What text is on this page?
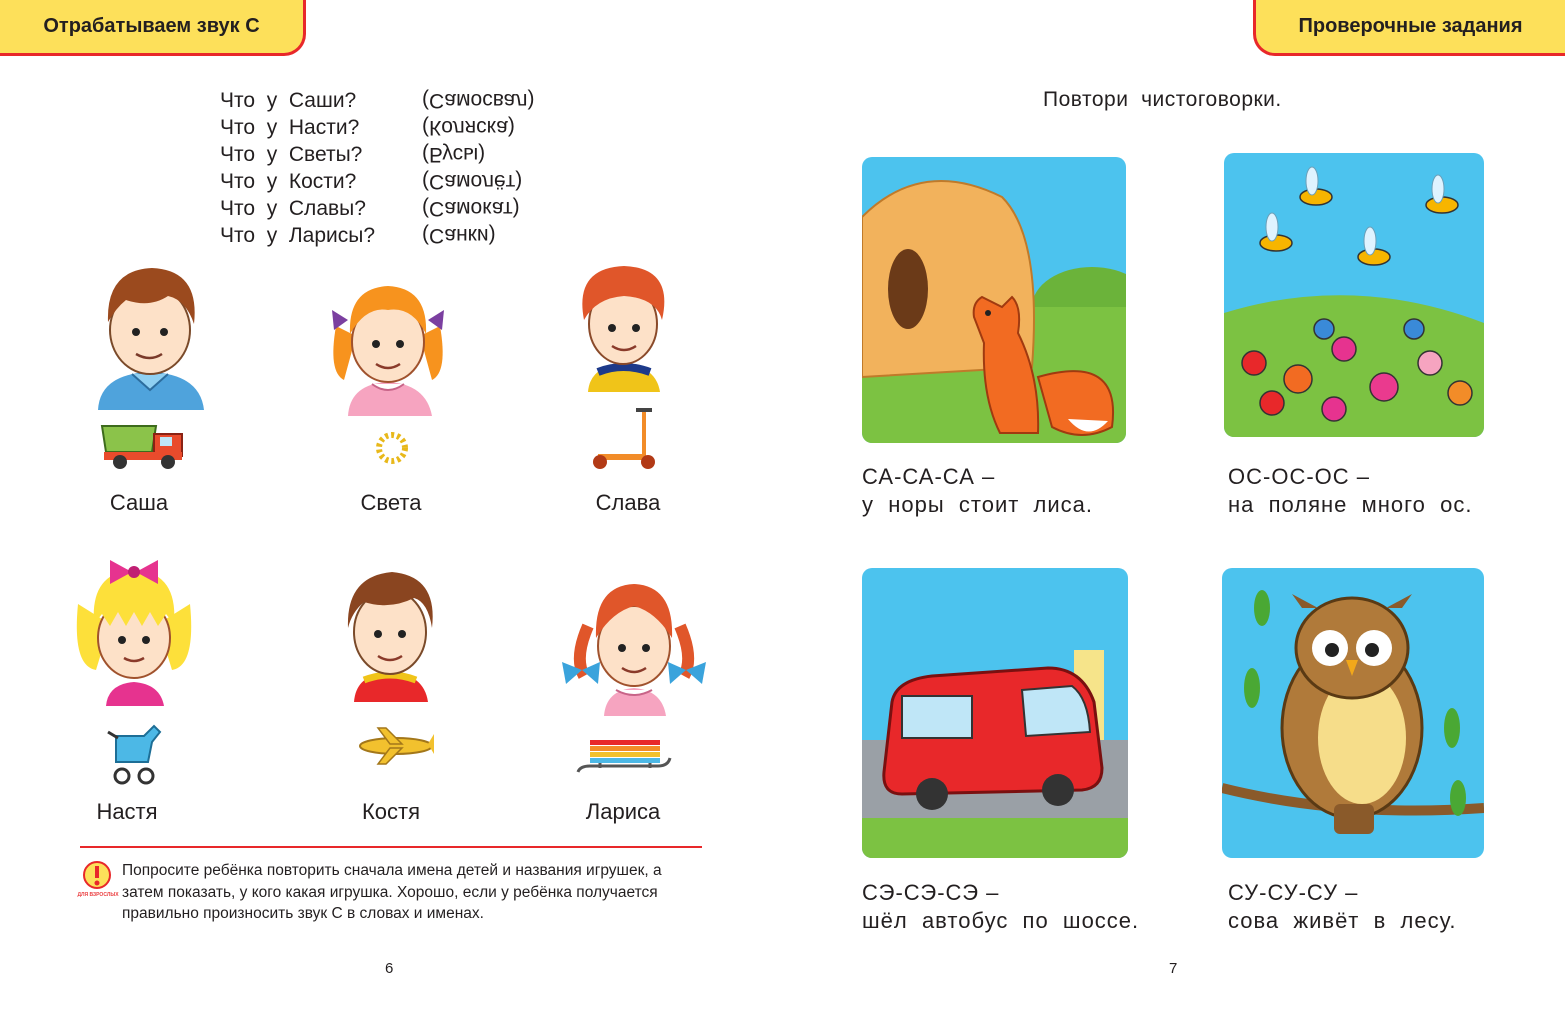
Отрабатываем звук С
Что  у  Саши?	(Самосвал)
Что  у  Насти?	(Коляска)
Что  у  Светы?	(Бусы)
Что  у  Кости?	(Самолёт)
Что  у  Славы?	(Самокат)
Что  у  Ларисы? (Санки)
Саша	Света	Слава
Настя	Костя	Лариса
ДЛЯ ВЗРОСЛЫХ
Попросите ребёнка повторить сначала имена детей и названия игрушек, а затем показать, у кого какая игрушка. Хорошо, если у ребёнка получается правильно произносить звук С в словах и именах.
6
Проверочные задания
Повтори  чистоговорки.
СА-СА-СА –
у  норы  стоит  лиса.
ОС-ОС-ОС –
на  поляне  много  ос.
СЭ-СЭ-СЭ –
шёл  автобус  по  шоссе.
СУ-СУ-СУ –
сова  живёт  в  лесу.
7
